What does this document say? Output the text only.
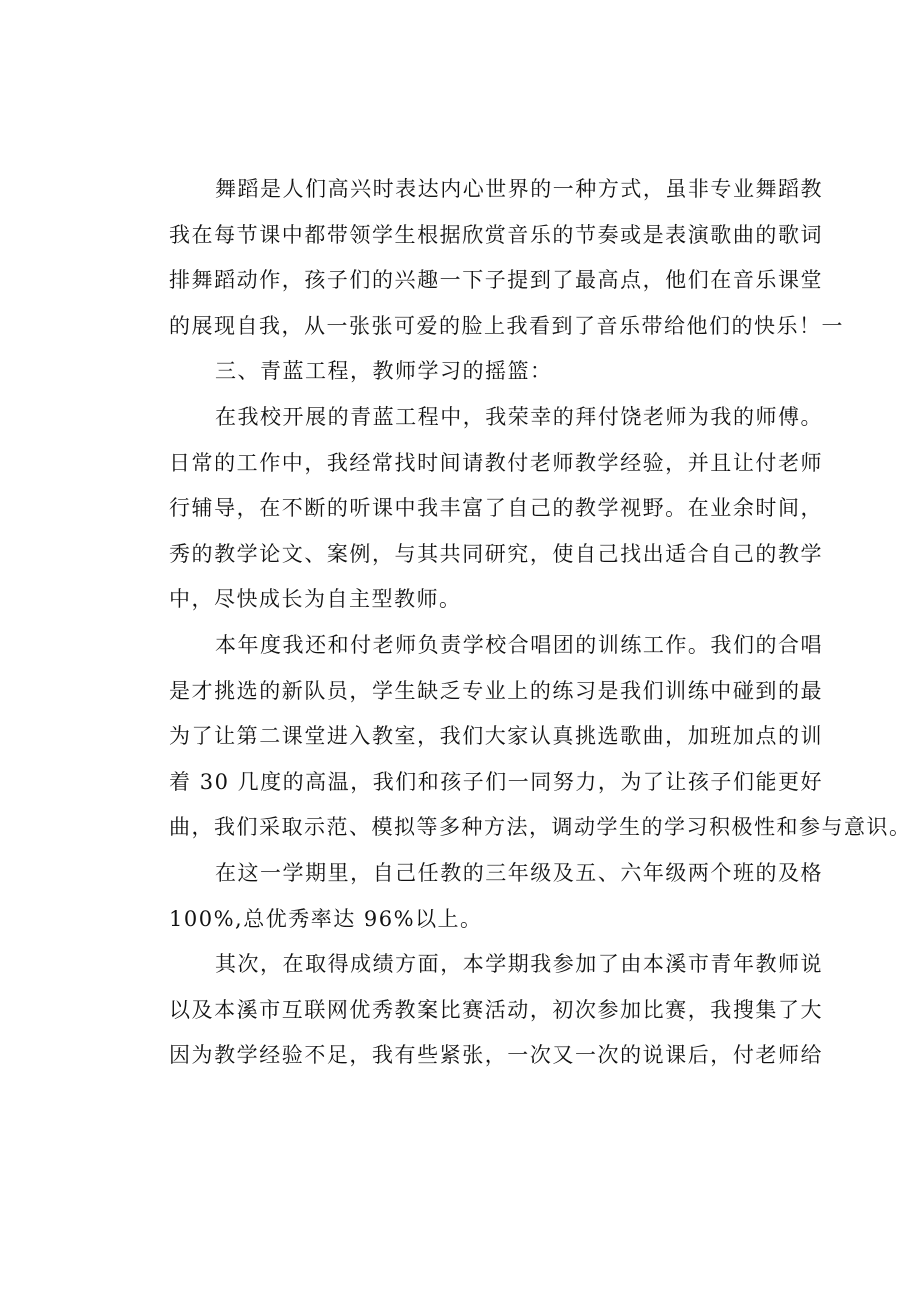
舞蹈是人们高兴时表达内心世界的一种方式，虽非专业舞蹈教
我在每节课中都带领学生根据欣赏音乐的节奏或是表演歌曲的歌词
排舞蹈动作，孩子们的兴趣一下子提到了最高点，他们在音乐课堂
的展现自我，从一张张可爱的脸上我看到了音乐带给他们的快乐！一
三、青蓝工程，教师学习的摇篮：
在我校开展的青蓝工程中，我荣幸的拜付饶老师为我的师傅。
日常的工作中，我经常找时间请教付老师教学经验，并且让付老师
行辅导，在不断的听课中我丰富了自己的教学视野。在业余时间，
秀的教学论文、案例，与其共同研究，使自己找出适合自己的教学
中，尽快成长为自主型教师。
本年度我还和付老师负责学校合唱团的训练工作。我们的合唱
是才挑选的新队员，学生缺乏专业上的练习是我们训练中碰到的最
为了让第二课堂进入教室，我们大家认真挑选歌曲，加班加点的训
着 30 几度的高温，我们和孩子们一同努力，为了让孩子们能更好
曲，我们采取示范、模拟等多种方法，调动学生的学习积极性和参与意识。
在这一学期里，自己任教的三年级及五、六年级两个班的及格
100%,总优秀率达 96%以上。
其次，在取得成绩方面，本学期我参加了由本溪市青年教师说
以及本溪市互联网优秀教案比赛活动，初次参加比赛，我搜集了大
因为教学经验不足，我有些紧张，一次又一次的说课后，付老师给
